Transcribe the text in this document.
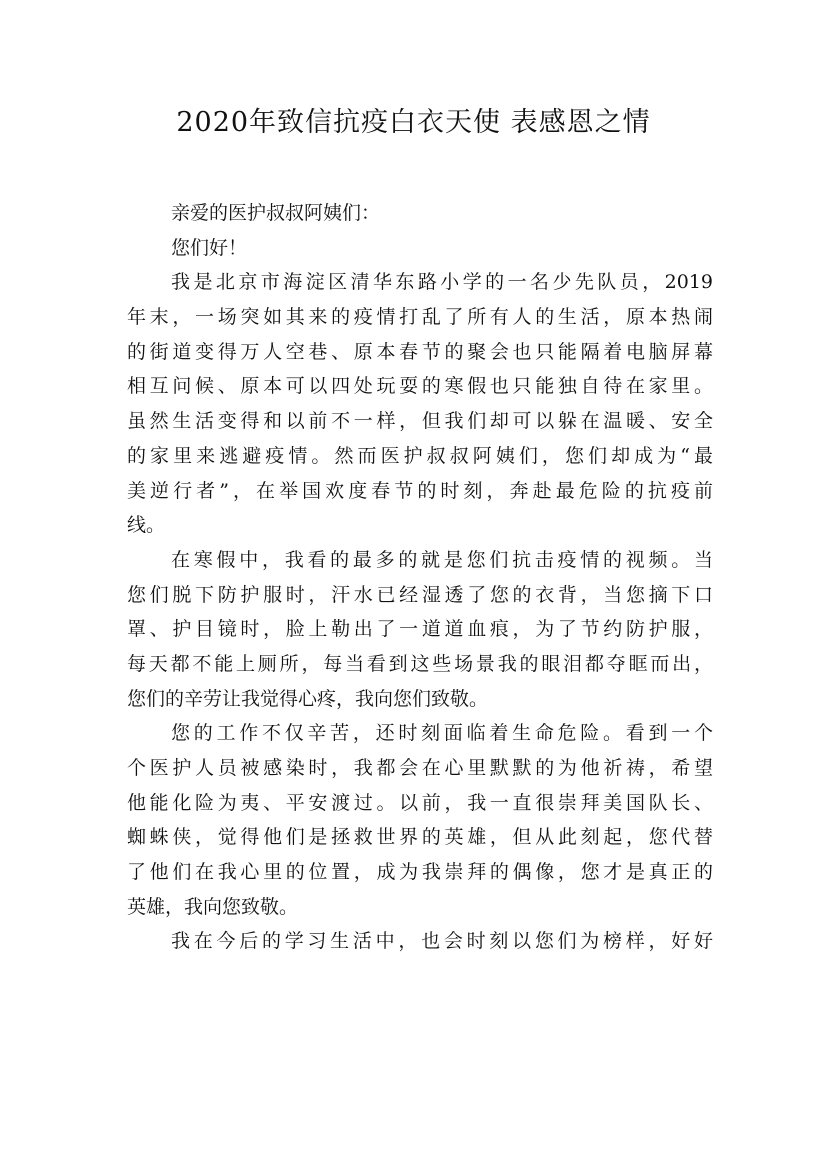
2020年致信抗疫白衣天使 表感恩之情
亲爱的医护叔叔阿姨们：
您们好！
我是北京市海淀区清华东路小学的一名少先队员，2019
年末，一场突如其来的疫情打乱了所有人的生活，原本热闹
的街道变得万人空巷、原本春节的聚会也只能隔着电脑屏幕
相互问候、原本可以四处玩耍的寒假也只能独自待在家里。
虽然生活变得和以前不一样，但我们却可以躲在温暖、安全
的家里来逃避疫情。然而医护叔叔阿姨们，您们却成为“最
美逆行者”，在举国欢度春节的时刻，奔赴最危险的抗疫前
线。
在寒假中，我看的最多的就是您们抗击疫情的视频。当
您们脱下防护服时，汗水已经湿透了您的衣背，当您摘下口
罩、护目镜时，脸上勒出了一道道血痕，为了节约防护服，
每天都不能上厕所，每当看到这些场景我的眼泪都夺眶而出，
您们的辛劳让我觉得心疼，我向您们致敬。
您的工作不仅辛苦，还时刻面临着生命危险。看到一个
个医护人员被感染时，我都会在心里默默的为他祈祷，希望
他能化险为夷、平安渡过。以前，我一直很崇拜美国队长、
蜘蛛侠，觉得他们是拯救世界的英雄，但从此刻起，您代替
了他们在我心里的位置，成为我崇拜的偶像，您才是真正的
英雄，我向您致敬。
我在今后的学习生活中，也会时刻以您们为榜样，好好
